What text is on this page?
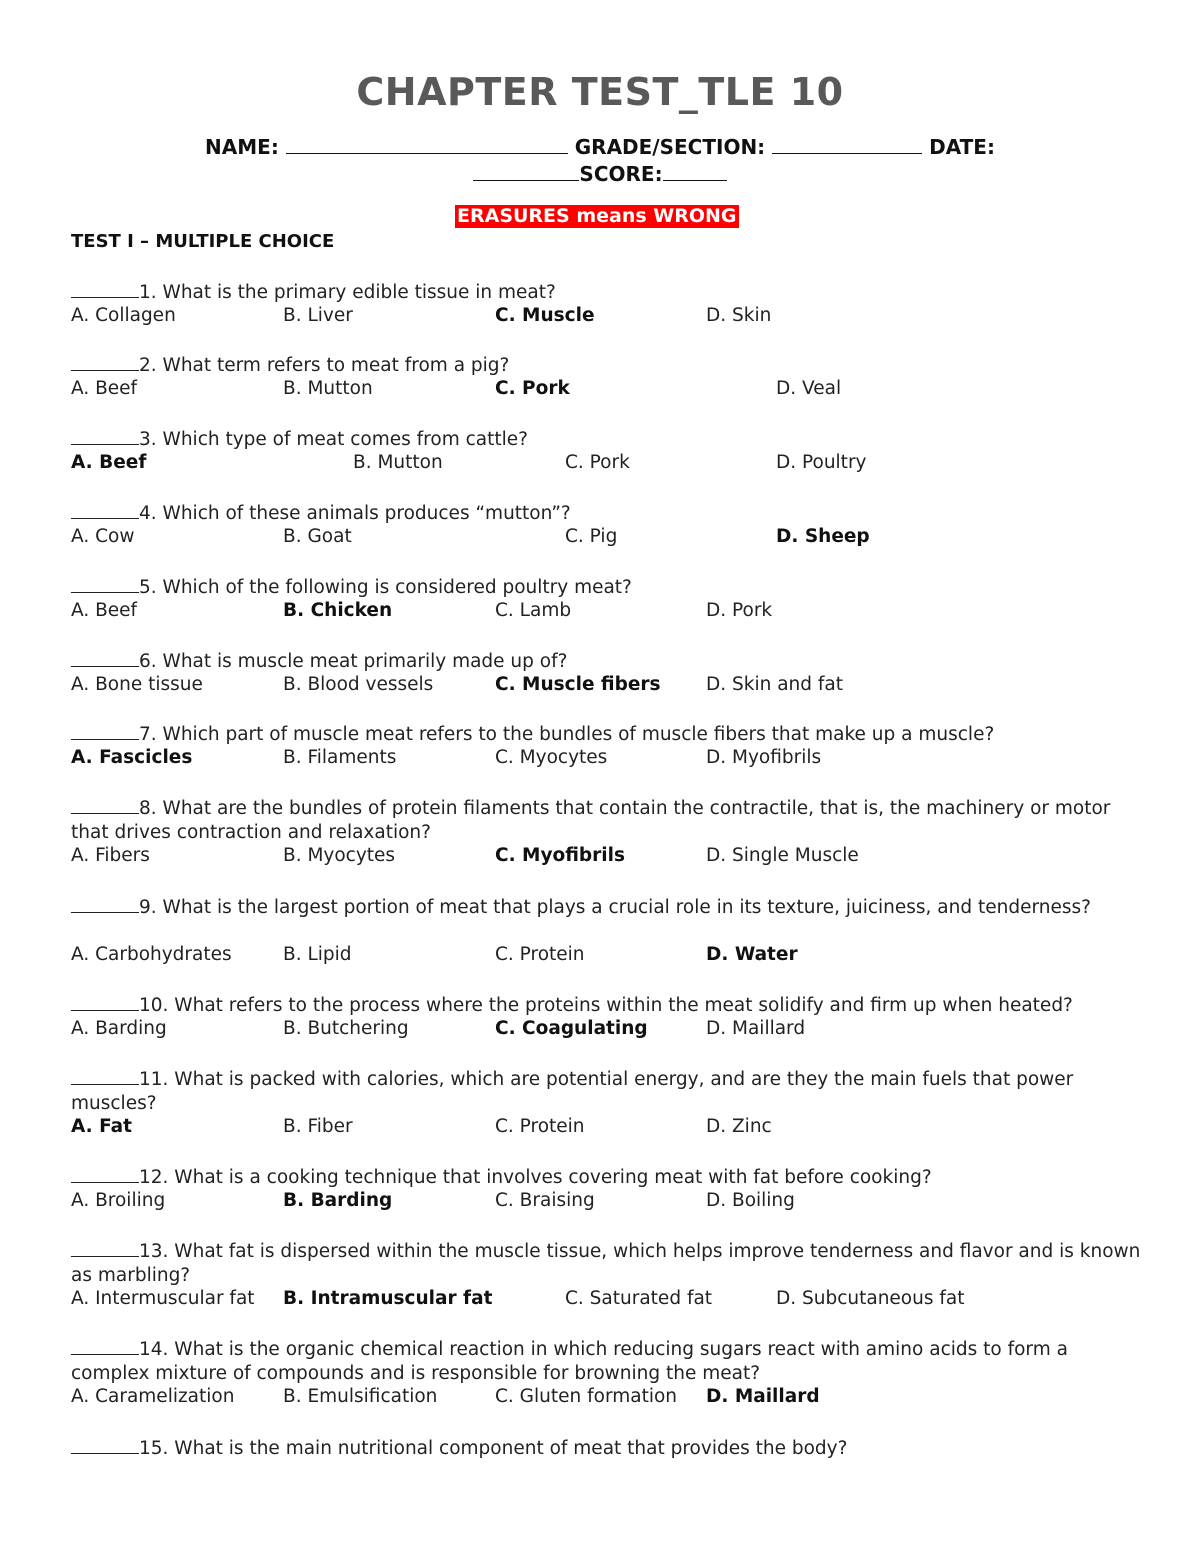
CHAPTER TEST_TLE 10
NAME:	GRADE/SECTION:	DATE:
SCORE:
ERASURES means WRONG
TEST I – MULTIPLE CHOICE
1. What is the primary edible tissue in meat?
A. Collagen	B. Liver	C. Muscle	D. Skin
2. What term refers to meat from a pig?
A. Beef	B. Mutton	C. Pork	D. Veal
3. Which type of meat comes from cattle?
A. Beef	B. Mutton	C. Pork	D. Poultry
4. Which of these animals produces “mutton”?
A. Cow	B. Goat	C. Pig	D. Sheep
5. Which of the following is considered poultry meat?
A. Beef	B. Chicken	C. Lamb	D. Pork
6. What is muscle meat primarily made up of?
A. Bone tissue	B. Blood vessels	C. Muscle fibers D. Skin and fat
7. Which part of muscle meat refers to the bundles of muscle fibers that make up a muscle?
A. Fascicles	B. Filaments	C. Myocytes	D. Myofibrils
8. What are the bundles of protein filaments that contain the contractile, that is, the machinery or motor that drives contraction and relaxation?
A. Fibers	B. Myocytes	C. Myofibrils	D. Single Muscle
9. What is the largest portion of meat that plays a crucial role in its texture, juiciness, and tenderness?
A. Carbohydrates	B. Lipid	C. Protein	D. Water
10. What refers to the process where the proteins within the meat solidify and firm up when heated?
A. Barding	B. Butchering	C. Coagulating	D. Maillard
11. What is packed with calories, which are potential energy, and are they the main fuels that power muscles?
A. Fat	B. Fiber	C. Protein	D. Zinc
12. What is a cooking technique that involves covering meat with fat before cooking?
A. Broiling	B. Barding	C. Braising	D. Boiling
13. What fat is dispersed within the muscle tissue, which helps improve tenderness and flavor and is known as marbling?
A. Intermuscular fat B. Intramuscular fat	C. Saturated fat	D. Subcutaneous fat
14. What is the organic chemical reaction in which reducing sugars react with amino acids to form a complex mixture of compounds and is responsible for browning the meat?
A. Caramelization	B. Emulsification	C. Gluten formation D. Maillard
15. What is the main nutritional component of meat that provides the body?
